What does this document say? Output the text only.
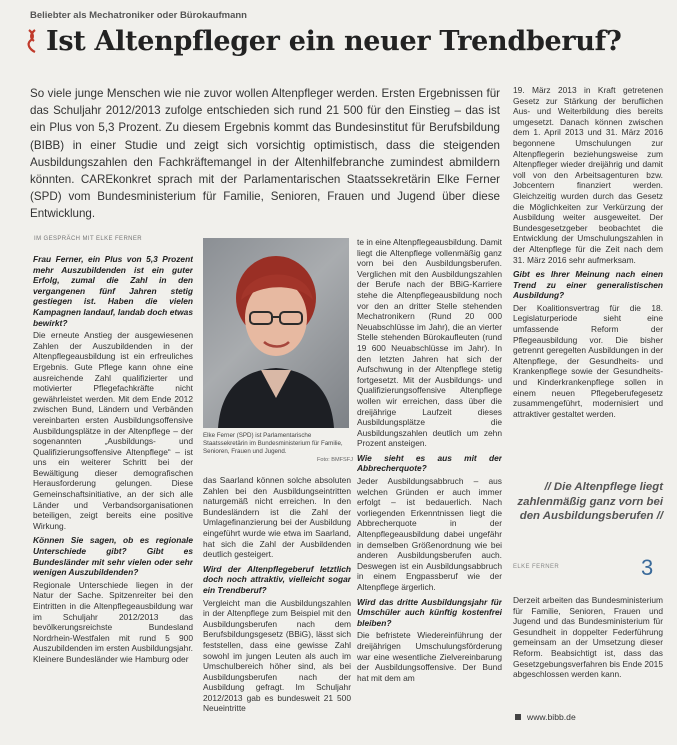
Beliebter als Mechatroniker oder Bürokaufmann
Ist Altenpfleger ein neuer Trendberuf?
So viele junge Menschen wie nie zuvor wollen Altenpfleger werden. Ersten Ergebnissen für das Schuljahr 2012/2013 zufolge entschieden sich rund 21 500 für den Einstieg – das ist ein Plus von 5,3 Prozent. Zu diesem Ergebnis kommt das Bundesinstitut für Berufsbildung (BIBB) in einer Studie und zeigt sich vorsichtig optimistisch, dass die steigenden Ausbildungszahlen den Fachkräftemangel in der Altenhilfebranche zumindest abmildern könnten. CAREkonkret sprach mit der Parlamentarischen Staatssekretärin Elke Ferner (SPD) vom Bundesministerium für Familie, Senioren, Frauen und Jugend über diese Entwicklung.
IM GESPRÄCH MIT ELKE FERNER

Frau Ferner, ein Plus von 5,3 Prozent mehr Auszubildenden ist ein guter Erfolg, zumal die Zahl in den vergangenen fünf Jahren stetig gestiegen ist. Haben die vielen Kampagnen landauf, landab doch etwas bewirkt?

Die erneute Anstieg der ausgewiesenen Zahlen der Auszubildenden in der Altenpflegeausbildung ist ein erfreuliches Ergebnis. Gute Pflege kann ohne eine ausreichende Zahl qualifizierter und motivierter Pflegefachkräfte nicht gewährleistet werden. Mit dem Ende 2012 zwischen Bund, Ländern und Verbänden vereinbarten ersten Ausbildungsoffensive Ausbildungsplätze in der Altenpflege – der sogenannten „Ausbildungs- und Qualifizierungsoffensive Altenpflege“ – ist uns ein weiterer Schritt bei der Bewältigung dieser demografischen Herausforderung gelungen. Diese Gemeinschaftsinitiative, an der sich alle Länder und Verbandsorganisationen beteiligen, zeigt bereits eine positive Wirkung.

Können Sie sagen, ob es regionale Unterschiede gibt? Gibt es Bundesländer mit sehr vielen oder sehr wenigen Auszubildenden?

Regionale Unterschiede liegen in der Natur der Sache. Spitzenreiter bei den Eintritten in die Altenpflegeausbildung war im Schuljahr 2012/2013 das bevölkerungsreichste Bundesland Nordrhein-Westfalen mit rund 5 900 Auszubildenden im ersten Ausbildungsjahr. Kleinere Bundesländer wie Hamburg oder

Elke Ferner (SPD) ist Parlamentarische Staatssekretärin im Bundesministerium für Familie, Senioren, Frauen und Jugend.
Foto: BMFSFJ

das Saarland können solche absoluten Zahlen bei den Ausbildungseintritten naturgemäß nicht erreichen. In den Bundesländern ist die Zahl der Umlagefinanzierung bei der Ausbildung eingeführt wurde wie etwa im Saarland, hat sich die Zahl der Ausbildenden deutlich gesteigert.

Wird der Altenpflegeberuf letztlich doch noch attraktiv, vielleicht sogar ein Trendberuf?

Vergleicht man die Ausbildungszahlen in der Altenpflege zum Beispiel mit den Ausbildungsberufen nach dem Berufsbildungsgesetz (BBiG), lässt sich feststellen, dass eine gewisse Zahl sowohl im jungen Leuten als auch im Umschulbereich höher sind, als bei Ausbildungsberufen nach der Ausbildung gefragt. Im Schuljahr 2012/2013 gab es bundesweit 21 500 Neueintritte

te in eine Altenpflegeausbildung. Damit liegt die Altenpflege vollenmäßig ganz vorn bei den Ausbildungsberufen. Verglichen mit den Ausbildungszahlen der Berufe nach der BBiG-Karriere stehe die Altenpflegeausbildung noch vor den an dritter Stelle stehenden Mechatronikern (Rund 20 000 Neuabschlüsse im Jahr), die an vierter Stelle stehenden Bürokaufleuten (rund 19 600 Neuabschlüsse im Jahr). In den letzten Jahren hat sich der Aufschwung in der Altenpflege stetig fortgesetzt. Mit der Ausbildungs- und Qualifizierungsoffensive Altenpflege wollen wir erreichen, dass über die dreijährige Laufzeit dieses Ausbildungsplätze die Ausbildungszahlen deutlich um zehn Prozent ansteigen.

Wie sieht es aus mit der Abbrecherquote?

Jeder Ausbildungsabbruch – aus welchen Gründen er auch immer erfolgt – ist bedauerlich. Nach vorliegenden Erkenntnissen liegt die Abbrecherquote in der Altenpflegeausbildung dabei ungefähr in demselben Größenordnung wie bei anderen Ausbildungsberufen auch. Deswegen ist ein Ausbildungsabbruch in einem Engpassberuf wie der Altenpflege ärgerlich.

Wird das dritte Ausbildungsjahr für Umschüler auch künftig kostenfrei bleiben?

Die befristete Wiedereinführung der dreijährigen Umschulungsförderung war eine wesentliche Zielvereinbarung der Ausbildungsoffensive. Der Bund hat mit dem am

19. März 2013 in Kraft getretenen Gesetz zur Stärkung der beruflichen Aus- und Weiterbildung dies bereits umgesetzt. Danach können zwischen dem 1. April 2013 und 31. März 2016 begonnene Umschulungen zur Altenpflegerin beziehungsweise zum Altenpfleger wieder dreijährig und damit voll von den Arbeitsagenturen bzw. Jobcentern finanziert werden. Gleichzeitig wurden durch das Gesetz die Möglichkeiten zur Verkürzung der Ausbildung weiter ausgeweitet. Der Bundesgesetzgeber beobachtet die Entwicklung der Umschulungszahlen in der Altenpflege für die Zeit nach dem 31. März 2016 sehr aufmerksam.

Gibt es Ihrer Meinung nach einen Trend zu einer generalistischen Ausbildung?

Der Koalitionsvertrag für die 18. Legislaturperiode sieht eine umfassende Reform der Pflegeausbildung vor. Die bisher getrennt geregelten Ausbildungen in der Altenpflege, der Gesundheits- und Krankenpflege sowie der Gesundheits- und Kinderkrankenpflege sollen in einem neuen Pflegeberufegesetz zusammengeführt, modernisiert und attraktiver gestaltet werden.

// Die Altenpflege liegt zahlenmäßig ganz vorn bei den Ausbildungsberufen //
ELKE FERNER	3

Derzeit arbeiten das Bundesministerium für Familie, Senioren, Frauen und Jugend und das Bundesministerium für Gesundheit in doppelter Federführung gemeinsam an der Umsetzung dieser Reform. Beabsichtigt ist, dass das Gesetzgebungsverfahren bis Ende 2015 abgeschlossen werden kann.

www.bibb.de
